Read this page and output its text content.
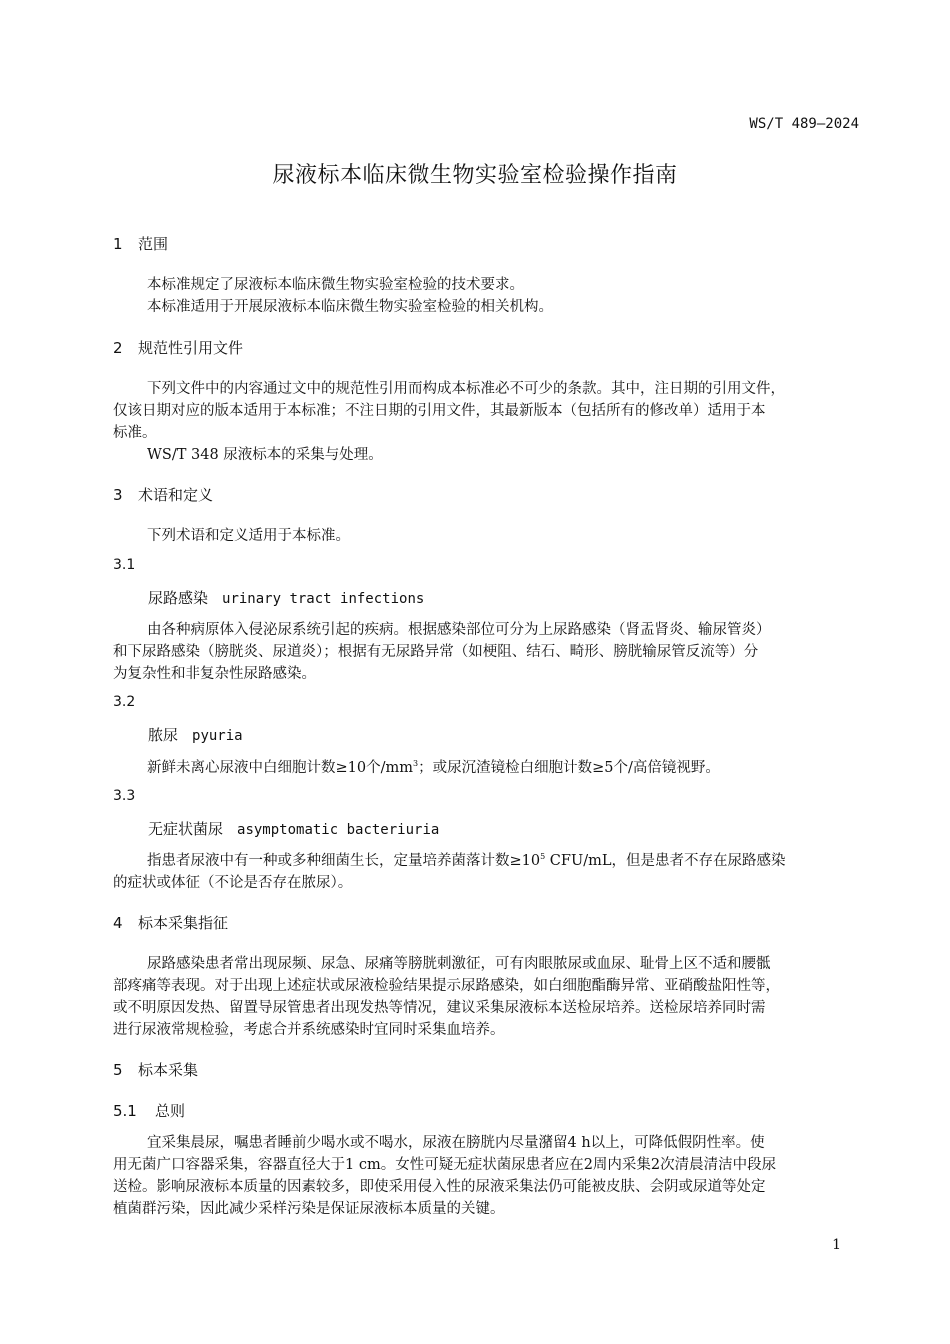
WS/T 489—2024
尿液标本临床微生物实验室检验操作指南
1 范围
本标准规定了尿液标本临床微生物实验室检验的技术要求。
本标准适用于开展尿液标本临床微生物实验室检验的相关机构。
2 规范性引用文件
下列文件中的内容通过文中的规范性引用而构成本标准必不可少的条款。其中，注日期的引用文件，
仅该日期对应的版本适用于本标准；不注日期的引用文件，其最新版本（包括所有的修改单）适用于本
标准。
WS/T 348 尿液标本的采集与处理。
3 术语和定义
下列术语和定义适用于本标准。
3.1
尿路感染 urinary tract infections
由各种病原体入侵泌尿系统引起的疾病。根据感染部位可分为上尿路感染（肾盂肾炎、输尿管炎）
和下尿路感染（膀胱炎、尿道炎）；根据有无尿路异常（如梗阻、结石、畸形、膀胱输尿管反流等）分
为复杂性和非复杂性尿路感染。
3.2
脓尿 pyuria
新鲜未离心尿液中白细胞计数≥10个$/mm^3$；或尿沉渣镜检白细胞计数≥5个/高倍镜视野。
3.3
无症状菌尿 asymptomatic bacteriuria
指患者尿液中有一种或多种细菌生长，定量培养菌落计数$\ge 10^5$ CFU/mL，但是患者不存在尿路感染
的症状或体征（不论是否存在脓尿）。
4 标本采集指征
尿路感染患者常出现尿频、尿急、尿痛等膀胱刺激征，可有肉眼脓尿或血尿、耻骨上区不适和腰骶
部疼痛等表现。对于出现上述症状或尿液检验结果提示尿路感染，如白细胞酯酶异常、亚硝酸盐阳性等，
或不明原因发热、留置导尿管患者出现发热等情况，建议采集尿液标本送检尿培养。送检尿培养同时需
进行尿液常规检验，考虑合并系统感染时宜同时采集血培养。
5 标本采集
5.1 总则
宜采集晨尿，嘱患者睡前少喝水或不喝水，尿液在膀胱内尽量潴留4 h以上，可降低假阴性率。使
用无菌广口容器采集，容器直径大于1 cm。女性可疑无症状菌尿患者应在2周内采集2次清晨清洁中段尿
送检。影响尿液标本质量的因素较多，即使采用侵入性的尿液采集法仍可能被皮肤、会阴或尿道等处定
植菌群污染，因此减少采样污染是保证尿液标本质量的关键。
1
